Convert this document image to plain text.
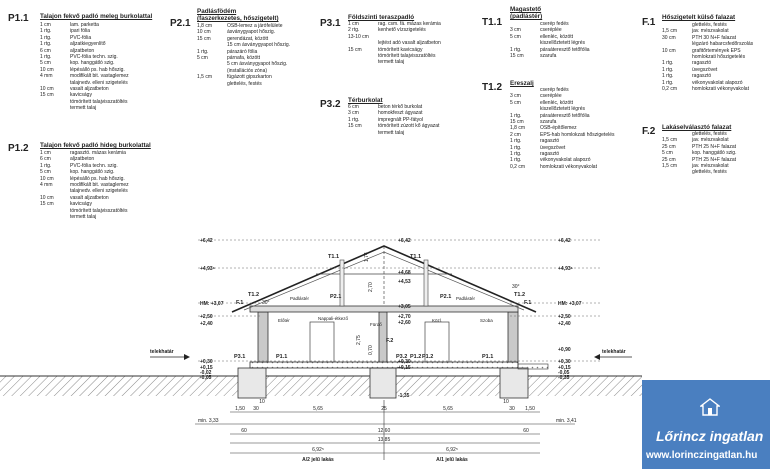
P1.1 Talajon fekvő padló meleg burkolattal
1 cm	lam. parketta
1 rtg.	ipari fólia
1 rtg.	PVC-fólia
1 rtg.	aljzatkiegyenlítő
6 cm	aljzatbeton
1 rtg.	PVC-fólia techn. szig.
5 cm	kop. hanggátló szig.
10 cm	lépésálló ps. hab hőszig.
4 mm	modifikált bit. vastaglemez
talajnedv. elleni szigetelés
10 cm	vasalt aljzatbeton
15 cm	kavicságy
tömörített talajvisszatöltés
termett talaj
P1.2 Talajon fekvő padló hideg burkolattal
1 cm	ragasztó. mázas kerámia
6 cm	aljzatbeton
1 rtg.	PVC-fólia techn. szig.
5 cm	kop. hanggátló szig.
10 cm	lépésálló ps. hab hőszig.
4 mm	modifikált bit. vastaglemez
talajnedv. elleni szigetelés
10 cm	vasalt aljzatbeton
15 cm	kavicságy
tömörített talajvisszatöltés
termett talaj
P2.1
Padlásfödém
(faszerkezetes, hőszigetelt)
1,8 cm	OSB-lemez a járófelülete
10 cm	ásványgyapot hőszig.
15 cm	gerendázat, között
15 cm ásványgyapot hőszig.
1 rtg.	párazáró fólia
5 cm	párnafa, között
5 cm ásványgyapot hőszig.
(installációs zóna)
1,5 cm	fúgázott gipszkarton
glettelés, festés
P3.1
Földszinti teraszpadló
1 cm	rag. csm. fá. mázas kerámia
2 rtg.	kenhető vízszigetelés
13-10 cm
lejtést adó vasalt aljzatbeton
15 cm	tömörített kavicságy
tömörített talajvisszatöltés
termett talaj
P3.2 Térburkolat
6 cm	beton térkő burkolat
3 cm	homokfeszt ágyazat
1 rtg.	impregnált PP-fátyol
15 cm	tömörített zúzott kő ágyazat
termett talaj
T1.1
Magastető
(padlástér)
cserép fedés
3 cm	cseréplée
5 cm	ellenléc, között
kiszellőztetett légrés
1 rtg.	páraáteresztő tetőfólia
15 cm	szarufa
T1.2 Ereszalj
cserép fedés
3 cm	cseréplée
5 cm	ellenléc, között
kiszellőztetett légrés
1 rtg.	páraáteresztő tetőfólia
15 cm	szarufa
1,8 cm	OSB-építőlemez
2 cm	EPS-hab homlokzati hőszigetelés
1 rtg.	ragasztó
1 rtg.	üvegszövet
1 rtg.	ragasztó
1 rtg.	vékonyvakolat alapozó
0,2 cm	homlokzati vékonyvakolat
F.1 Hőszigetelt külső falazat
glettelés, festés
1,5 cm	jav. mészvakolat
30 cm	PTH 30 N+F falazat
légzáró habarcsfedőrszolás
10 cm	grafitőrtemények EPS
homlokzati hőszigetelés
1 rtg.	ragasztó
1 rtg.	üvegszövet
1 rtg.	ragasztó
1 rtg.	vékonyvakolat alapozó
0,2 cm	homlokzati vékonyvakolat
F.2 Lakáselválasztó falazat
glettelés, festés
1,5 cm	jav. mészvakolat
25 cm	PTH 25 N+F falazat
5 cm	kop. hanggátló szig.
25 cm	PTH 25 N+F falazat
1,5 cm	jav. mészvakolat
glettelés, festés
+6,42
+4,93⁵
HM: +3,07
+2,50
+2,40
+0,30
+0,15
-0,02
-0,05
+6,42
+4,93⁵
HM: +3,07
+2,50
+2,40
+0,90
+0,30
+0,15
-0,05
-0,35
+6,42
+4,68
+4,53
+3,05
+2,70
+2,60
+0,30
+0,15
-1,35
telekhatár	telekhatár
Padlástér	Padlástér
Nappali-étkező
Fürdő
Előtér	Közl.	Szoba
T1.1	T1.1
T1.2	T1.2
F.1	F.1
F.2
P2.1	P2.1
P1.1	P1.1
P1.2 P1.2
P3.1	P3.2
30°
30°
1,74
2,70
2,75
0,70
1,50 30	5,65	25	5,65	30 1,50
10	10
min. 3,33	min. 3,41
60	12,60	60
13,85
6,92⁵	6,92⁵
A/2 jelű lakás	A/1 jelű lakás
Lőrincz ingatlan
www.lorinczingatlan.hu
